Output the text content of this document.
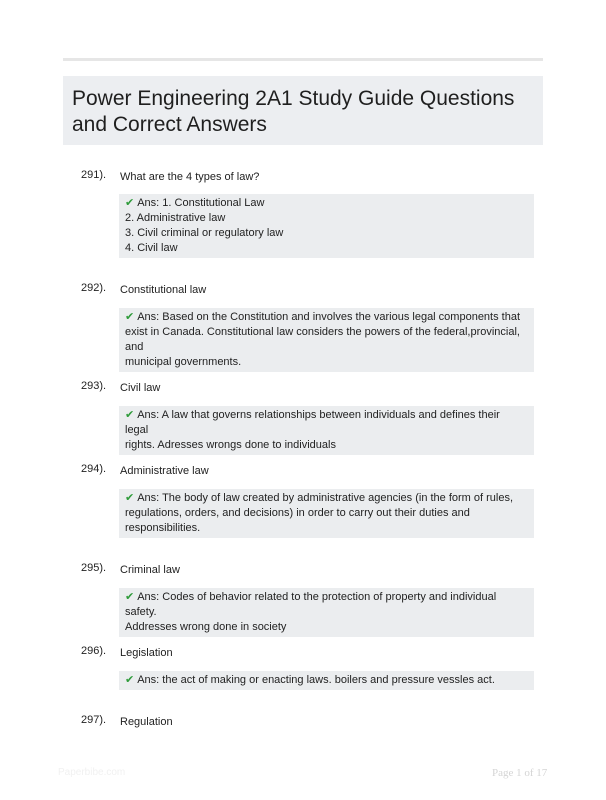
Power Engineering 2A1 Study Guide Questions and Correct Answers
291). What are the 4 types of law?
✔ Ans: 1. Constitutional Law
2. Administrative law
3. Civil criminal or regulatory law
4. Civil law
292). Constitutional law
✔ Ans: Based on the Constitution and involves the various legal components that
exist in Canada. Constitutional law considers the powers of the federal,provincial, and
municipal governments.
293). Civil law
✔ Ans: A law that governs relationships between individuals and defines their legal
rights. Adresses wrongs done to individuals
294). Administrative law
✔ Ans: The body of law created by administrative agencies (in the form of rules,
regulations, orders, and decisions) in order to carry out their duties and
responsibilities.
295). Criminal law
✔ Ans: Codes of behavior related to the protection of property and individual safety.
Addresses wrong done in society
296). Legislation
✔ Ans: the act of making or enacting laws. boilers and pressure vessles act.
297). Regulation
Paperbibe.com	Page 1 of 17
